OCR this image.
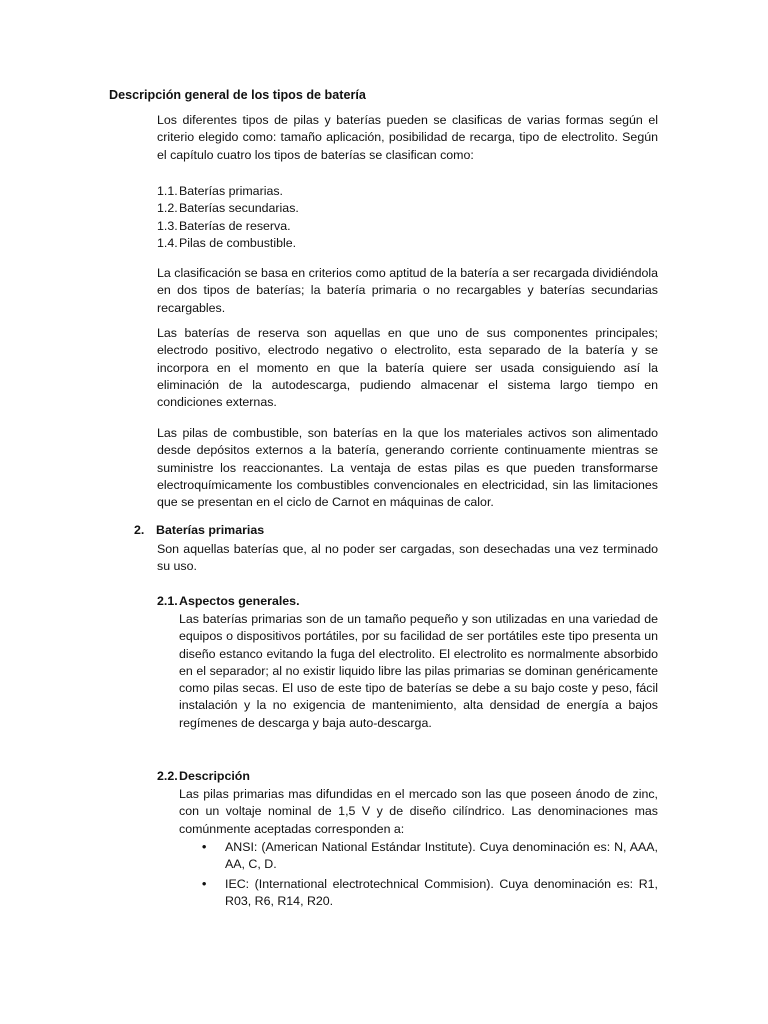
Descripción general de los tipos de batería

Los diferentes tipos de pilas y baterías pueden se clasificas de varias formas según el criterio elegido como: tamaño aplicación, posibilidad de recarga, tipo de electrolito. Según el capítulo cuatro los tipos de baterías se clasifican como:

1.1. Baterías primarias.
1.2. Baterías secundarias.
1.3. Baterías de reserva.
1.4. Pilas de combustible.

La clasificación se basa en criterios como aptitud de la batería a ser recargada dividiéndola en dos tipos de baterías; la batería primaria o no recargables y baterías secundarias recargables.

Las baterías de reserva son aquellas en que uno de sus componentes principales; electrodo positivo, electrodo negativo o electrolito, esta separado de la batería y se incorpora en el momento en que la batería quiere ser usada consiguiendo así la eliminación de la autodescarga, pudiendo almacenar el sistema largo tiempo en condiciones externas.

Las pilas de combustible, son baterías en la que los materiales activos son alimentado desde depósitos externos a la batería, generando corriente continuamente mientras se suministre los reaccionantes. La ventaja de estas pilas es que pueden transformarse electroquímicamente los combustibles convencionales en electricidad, sin las limitaciones que se presentan en el ciclo de Carnot en máquinas de calor.

2. Baterías primarias

Son aquellas baterías que, al no poder ser cargadas, son desechadas una vez terminado su uso.

2.1.Aspectos generales.

Las baterías primarias son de un tamaño pequeño y son utilizadas en una variedad de equipos o dispositivos portátiles, por su facilidad de ser portátiles este tipo presenta un diseño estanco evitando la fuga del electrolito. El electrolito es normalmente absorbido en el separador; al no existir liquido libre las pilas primarias se dominan genéricamente como pilas secas. El uso de este tipo de baterías se debe a su bajo coste y peso, fácil instalación y la no exigencia de mantenimiento, alta densidad de energía a bajos regímenes de descarga y baja auto-descarga.

2.2.Descripción

Las pilas primarias mas difundidas en el mercado son las que poseen ánodo de zinc, con un voltaje nominal de 1,5 V y de diseño cilíndrico. Las denominaciones mas comúnmente aceptadas corresponden a:

•	ANSI: (American National Estándar Institute). Cuya denominación es: N, AAA, AA, C, D.
•	IEC: (International electrotechnical Commision). Cuya denominación es: R1, R03, R6, R14, R20.
